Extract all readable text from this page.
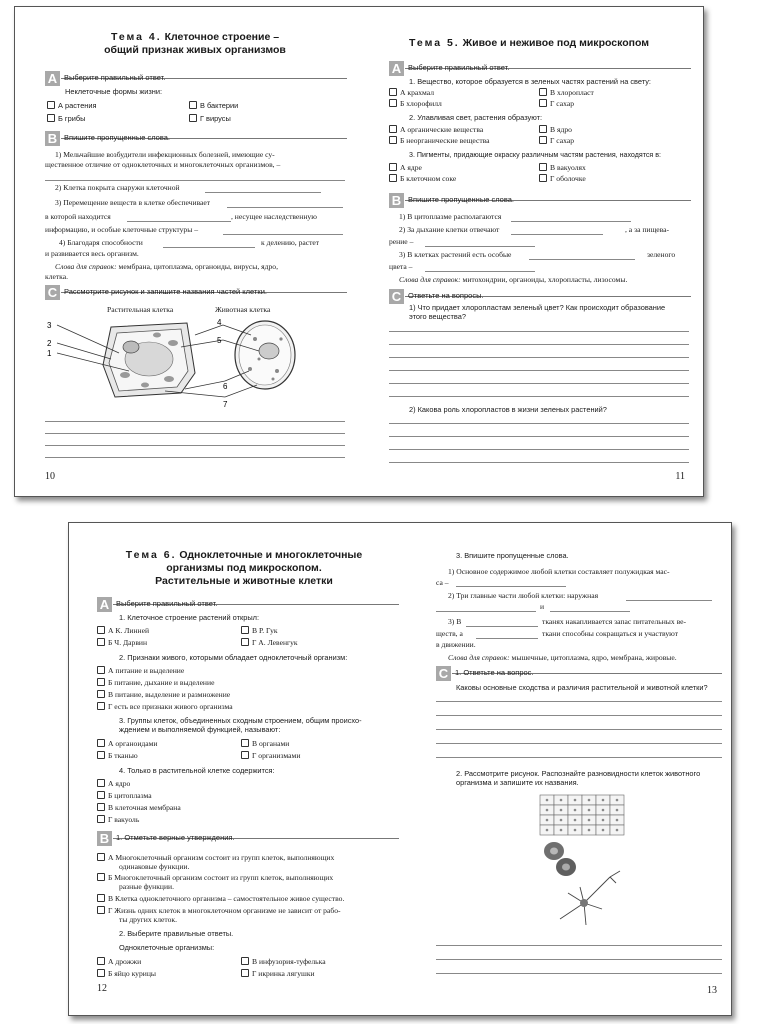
Тема 4. Клеточное строение –
общий признак живых организмов
A Выберите правильный ответ.
Неклеточные формы жизни:
А растения	В бактерии
Б грибы	Г вирусы
B Впишите пропущенные слова.
1) Мельчайшие возбудители инфекционных болезней, имеющие су-
щественное отличие от одноклеточных и многоклеточных организмов, –
2) Клетка покрыта снаружи клеточной
3) Перемещение веществ в клетке обеспечивает
в которой находится	, несущее наследственную
информацию, и особые клеточные структуры –
4) Благодаря способности	к делению, растет
и развивается весь организм.
Слова для справок: мембрана, цитоплазма, органоиды, вирусы, ядро,
клетка.
C Рассмотрите рисунок и запишите названия частей клетки.
Растительная клетка	Животная клетка
3
2
1
4
5
6
7
10
Тема 5. Живое и неживое под микроскопом
A Выберите правильный ответ.
1. Вещество, которое образуется в зеленых частях растений на свету:
А крахмал	В хлоропласт
Б хлорофилл	Г сахар
2. Улавливая свет, растения образуют:
А органические вещества	В ядро
Б неорганические вещества	Г сахар
3. Пигменты, придающие окраску различным частям растения, находятся в:
А ядре	В вакуолях
Б клеточном соке	Г оболочке
B Впишите пропущенные слова.
1) В цитоплазме располагаются
2) За дыхание клетки отвечают	, а за пищева-
рение –
3) В клетках растений есть особые	зеленого
цвета –
Слова для справок: митохондрии, органоиды, хлоропласты, лизосомы.
C Ответьте на вопросы.
1) Что придает хлоропластам зеленый цвет? Как происходит образование
этого вещества?
2) Какова роль хлоропластов в жизни зеленых растений?
11
Тема 6. Одноклеточные и многоклеточные
организмы под микроскопом.
Растительные и животные клетки
A Выберите правильный ответ.
1. Клеточное строение растений открыл:
А К. Линней	В Р. Гук
Б Ч. Дарвин	Г А. Левенгук
2. Признаки живого, которыми обладает одноклеточный организм:
А питание и выделение
Б питание, дыхание и выделение
В питание, выделение и размножение
Г есть все признаки живого организма
3. Группы клеток, объединенных сходным строением, общим происхо-
ждением и выполняемой функцией, называют:
А органоидами	В органами
Б тканью	Г организмами
4. Только в растительной клетке содержится:
А ядро
Б цитоплазма
В клеточная мембрана
Г вакуоль
B 1. Отметьте верные утверждения.
А Многоклеточный организм состоит из групп клеток, выполняющих
одинаковые функции.
Б Многоклеточный организм состоит из групп клеток, выполняющих
разные функции.
В Клетка одноклеточного организма – самостоятельное живое существо.
Г Жизнь одних клеток в многоклеточном организме не зависит от рабо-
ты других клеток.
2. Выберите правильные ответы.
Одноклеточные организмы:
А дрожжи	В инфузория-туфелька
Б яйцо курицы	Г икринка лягушки
12
3. Впишите пропущенные слова.
1) Основное содержимое любой клетки составляет полужидкая мас-
са –
2) Три главные части любой клетки: наружная
и
3) В	тканях накапливается запас питательных ве-
ществ, а	ткани способны сокращаться и участвуют
в движении.
Слова для справок: мышечные, цитоплазма, ядро, мембрана, жировые.
C 1. Ответьте на вопрос.
Каковы основные сходства и различия растительной и животной клетки?
2. Рассмотрите рисунок. Распознайте разновидности клеток животного
организма и запишите их названия.
13
